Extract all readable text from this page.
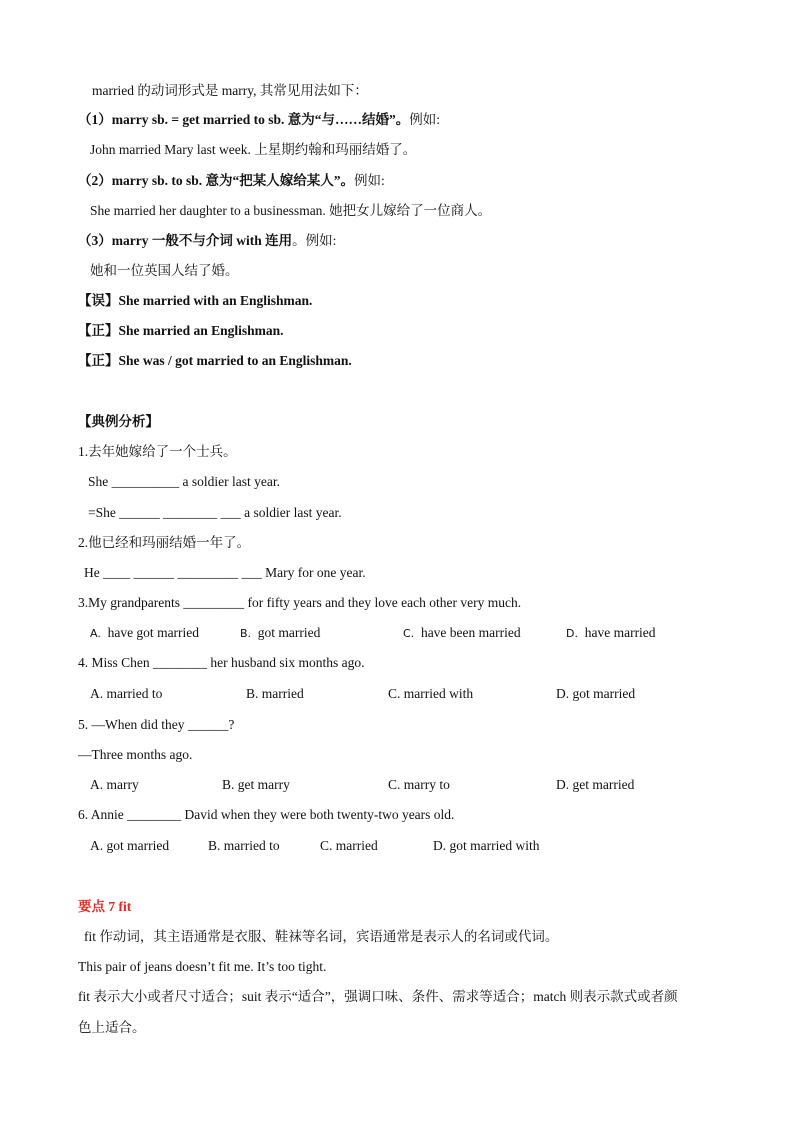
married 的动词形式是 marry, 其常见用法如下：
（1）marry sb. = get married to sb. 意为“与……结婚”。例如:
John married Mary last week. 上星期约翰和玛丽结婚了。
（2）marry sb. to sb. 意为“把某人嫁给某人”。例如:
She married her daughter to a businessman. 她把女儿嫁给了一位商人。
（3）marry 一般不与介词 with 连用。例如:
她和一位英国人结了婚。
【误】She married with an Englishman.
【正】She married an Englishman.
【正】She was / got married to an Englishman.
【典例分析】
1.去年她嫁给了一个士兵。
She __________ a soldier last year.
=She ______ ________ ___ a soldier last year.
2.他已经和玛丽结婚一年了。
He ____ ______ _________ ___ Mary for one year.
3.My grandparents _________ for fifty years and they love each other very much.
A. have got married	B. got married	C. have been married	D. have married
4. Miss Chen ________ her husband six months ago.
A. married to	B. married	C. married with	D. got married
5. —When did they ______?
—Three months ago.
A. marry	B. get marry	C. marry to	D. get married
6. Annie ________ David when they were both twenty-two years old.
A. got married	B. married to	C. married	D. got married with
要点 7 fit
fit 作动词，其主语通常是衣服、鞋袜等名词，宾语通常是表示人的名词或代词。
This pair of jeans doesn’t fit me. It’s too tight.
fit 表示大小或者尺寸适合；suit 表示“适合”，强调口味、条件、需求等适合；match 则表示款式或者颜
色上适合。
